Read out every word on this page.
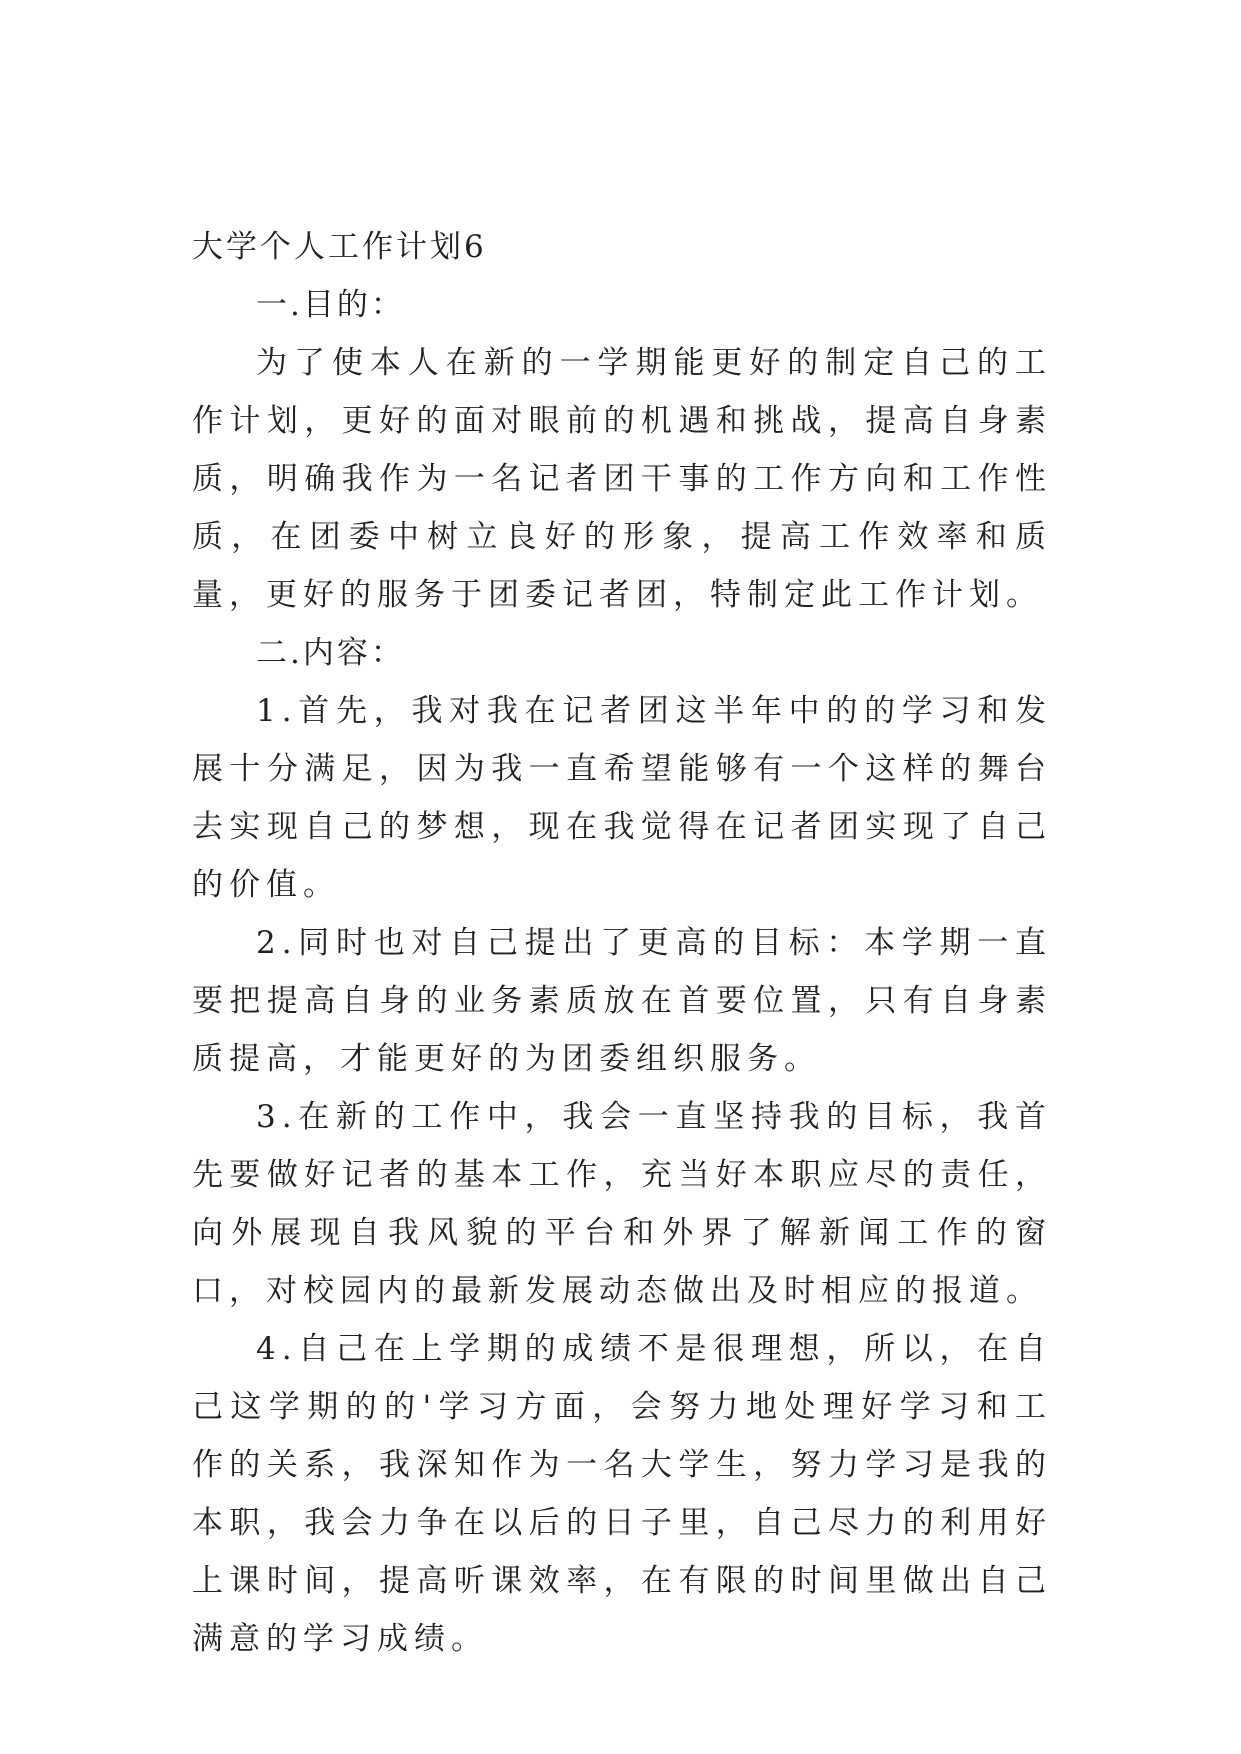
大学个人工作计划6

一.目的：

为了使本人在新的一学期能更好的制定自己的工作计划，更好的面对眼前的机遇和挑战，提高自身素质，明确我作为一名记者团干事的工作方向和工作性质，在团委中树立良好的形象，提高工作效率和质量，更好的服务于团委记者团，特制定此工作计划。

二.内容：

1.首先，我对我在记者团这半年中的的学习和发展十分满足，因为我一直希望能够有一个这样的舞台去实现自己的梦想，现在我觉得在记者团实现了自己的价值。

2.同时也对自己提出了更高的目标：本学期一直要把提高自身的业务素质放在首要位置，只有自身素质提高，才能更好的为团委组织服务。

3.在新的工作中，我会一直坚持我的目标，我首先要做好记者的基本工作，充当好本职应尽的责任，向外展现自我风貌的平台和外界了解新闻工作的窗口，对校园内的最新发展动态做出及时相应的报道。

4.自己在上学期的成绩不是很理想，所以，在自己这学期的的'学习方面，会努力地处理好学习和工作的关系，我深知作为一名大学生，努力学习是我的本职，我会力争在以后的日子里，自己尽力的利用好上课时间，提高听课效率，在有限的时间里做出自己满意的学习成绩。
